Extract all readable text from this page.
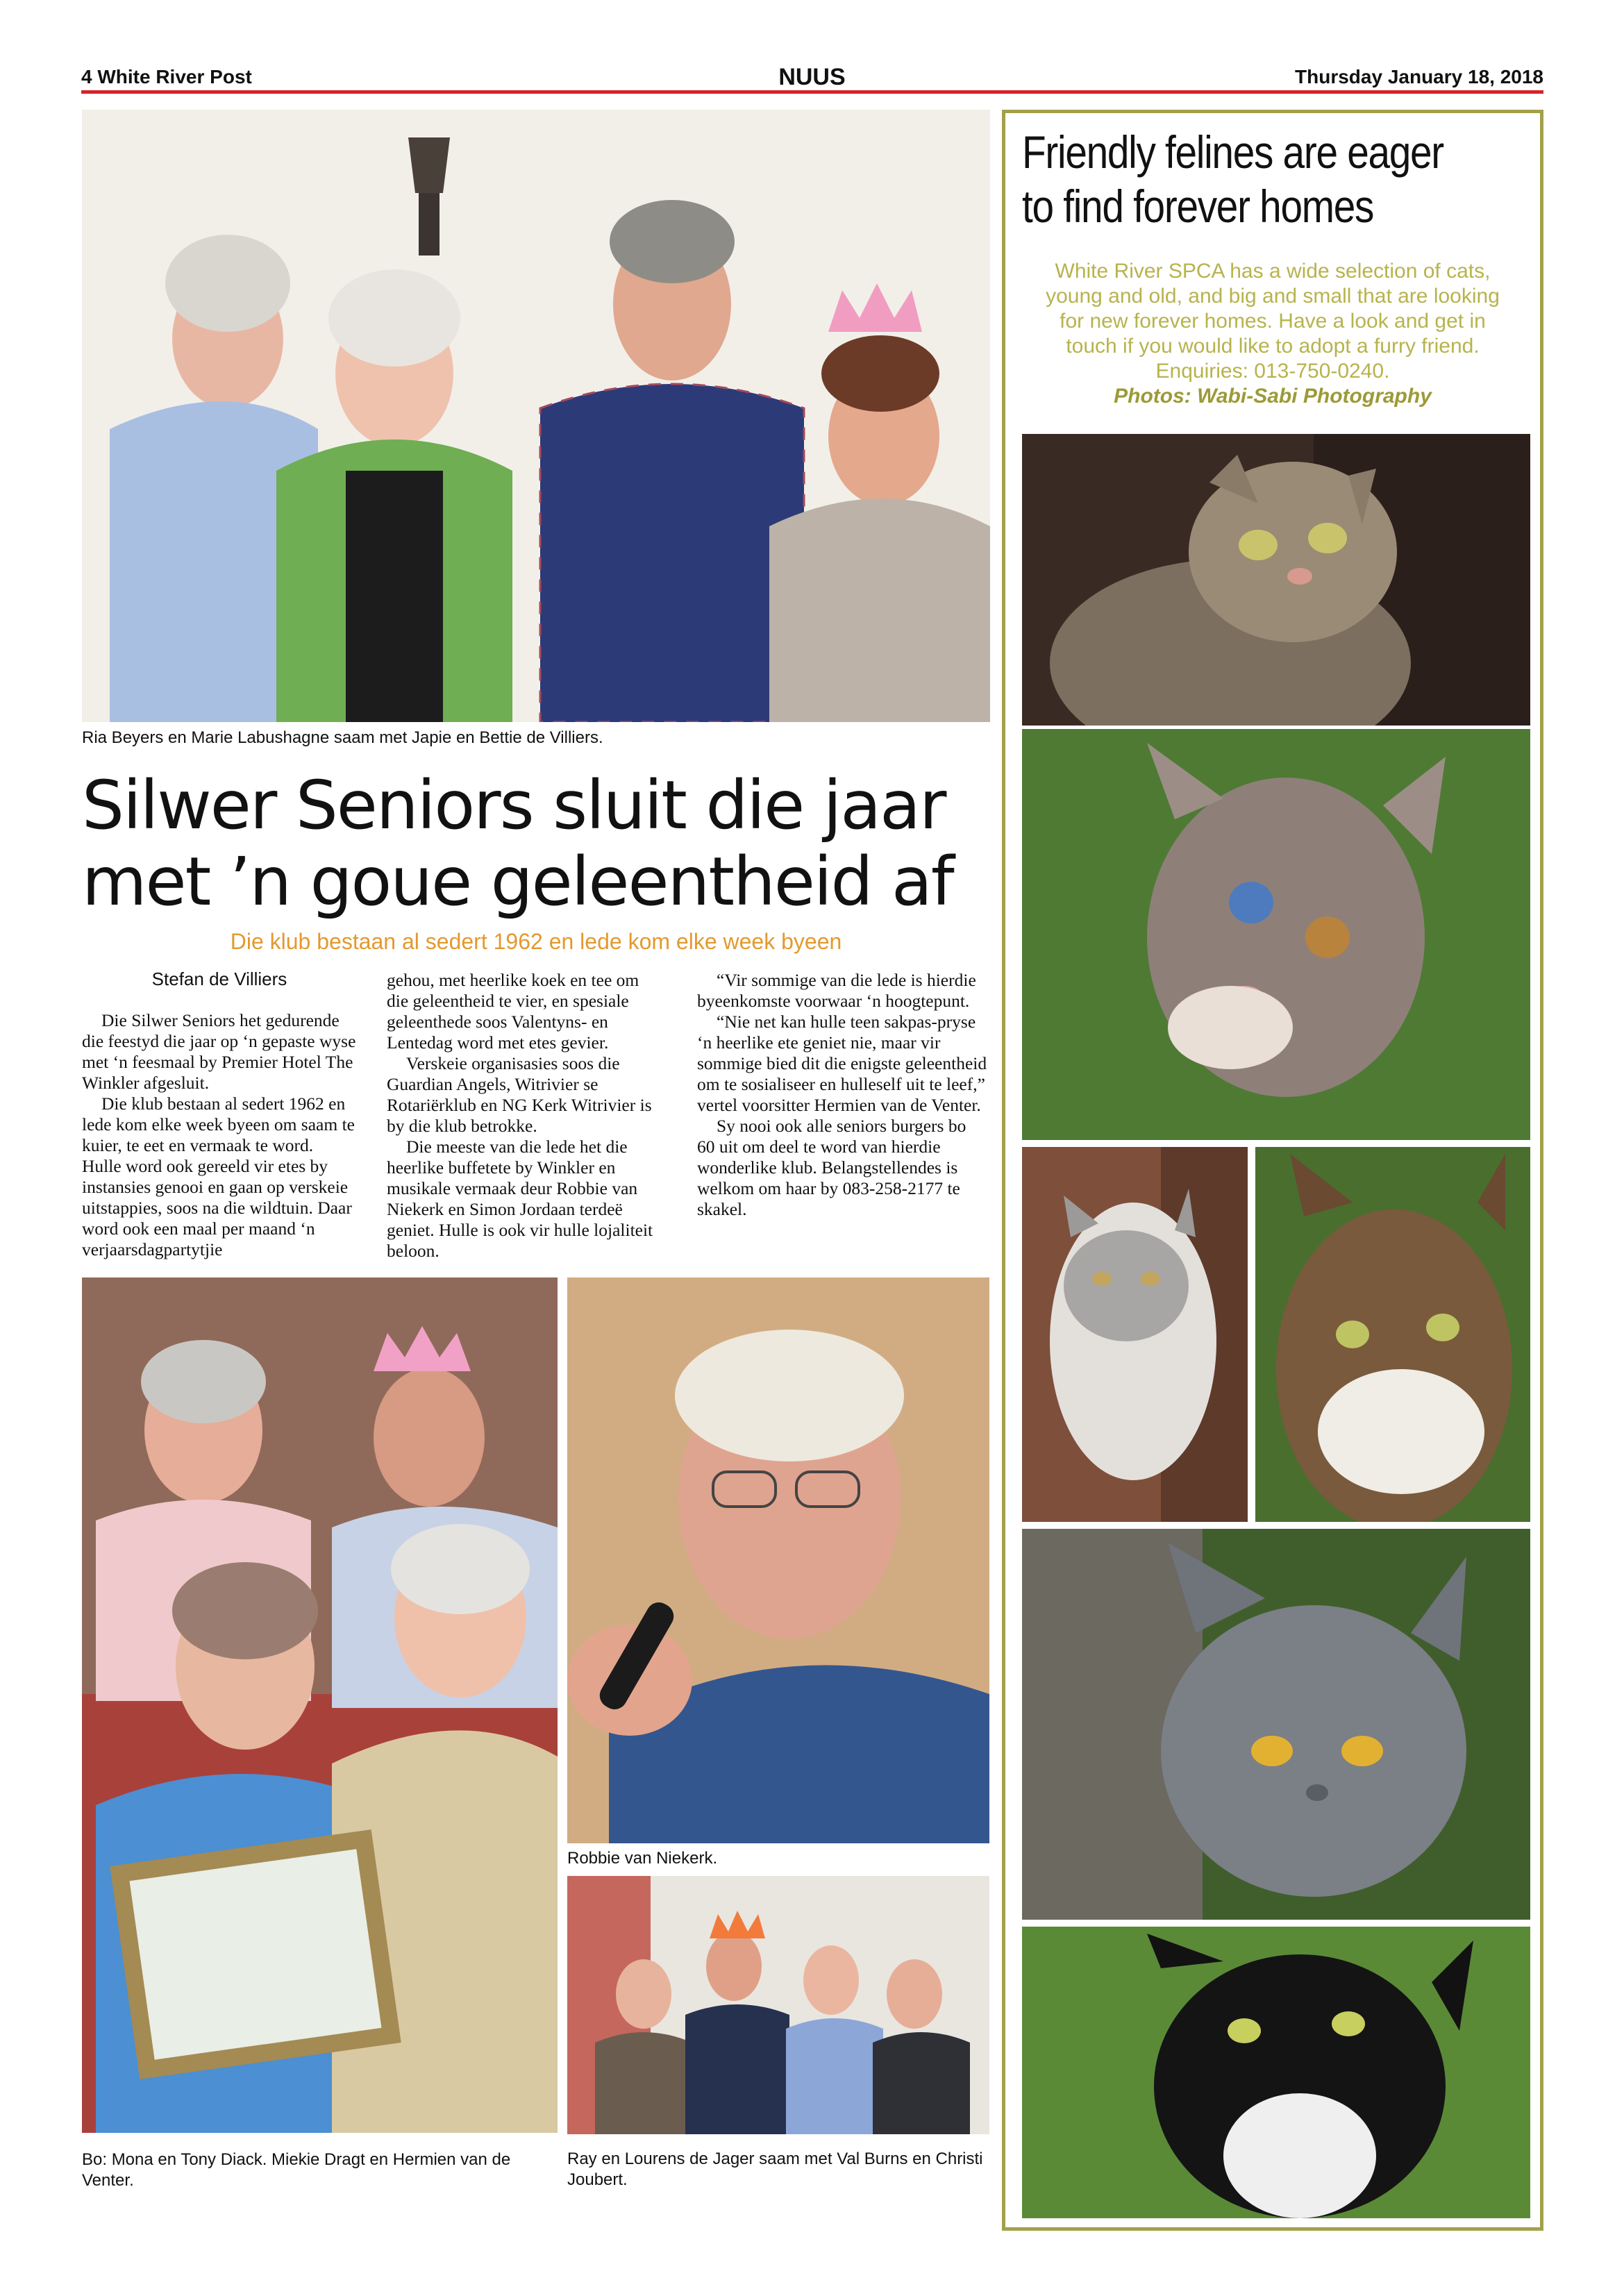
4 White River Post	NUUS	Thursday January 18, 2018
Ria Beyers en Marie Labushagne saam met Japie en Bettie de Villiers.
Silwer Seniors sluit die jaar
met ’n goue geleentheid af
Die klub bestaan al sedert 1962 en lede kom elke week byeen
Stefan de Villiers

Die Silwer Seniors het gedurende die feestyd die jaar op ‘n gepaste wyse met ‘n feesmaal by Premier Hotel The Winkler afgesluit.

Die klub bestaan al sedert 1962 en lede kom elke week byeen om saam te kuier, te eet en vermaak te word. Hulle word ook gereeld vir etes by instansies genooi en gaan op verskeie uitstappies, soos na die wildtuin. Daar word ook een maal per maand ‘n verjaarsdagpartytjie

gehou, met heerlike koek en tee om die geleentheid te vier, en spesiale geleenthede soos Valentyns- en Lentedag word met etes gevier.

Verskeie organisasies soos die Guardian Angels, Witrivier se Rotariërklub en NG Kerk Witrivier is by die klub betrokke.

Die meeste van die lede het die heerlike buffetete by Winkler en musikale vermaak deur Robbie van Niekerk en Simon Jordaan terdeë geniet. Hulle is ook vir hulle lojaliteit beloon.

“Vir sommige van die lede is hierdie byeenkomste voorwaar ‘n hoogtepunt.

“Nie net kan hulle teen sakpas-pryse ‘n heerlike ete geniet nie, maar vir sommige bied dit die enigste geleentheid om te sosialiseer en hulleself uit te leef,” vertel voorsitter Hermien van de Venter.

Sy nooi ook alle seniors burgers bo 60 uit om deel te word van hierdie wonderlike klub. Belangstellendes is welkom om haar by 083-258-2177 te skakel.

Bo: Mona en Tony Diack. Miekie Dragt en Hermien van de Venter.
Robbie van Niekerk.
Ray en Lourens de Jager saam met Val Burns en Christi Joubert.
Friendly felines are eager
to find forever homes
White River SPCA has a wide selection of cats,
young and old, and big and small that are looking
for new forever homes. Have a look and get in
touch if you would like to adopt a furry friend.
Enquiries: 013-750-0240.
Photos: Wabi-Sabi Photography
